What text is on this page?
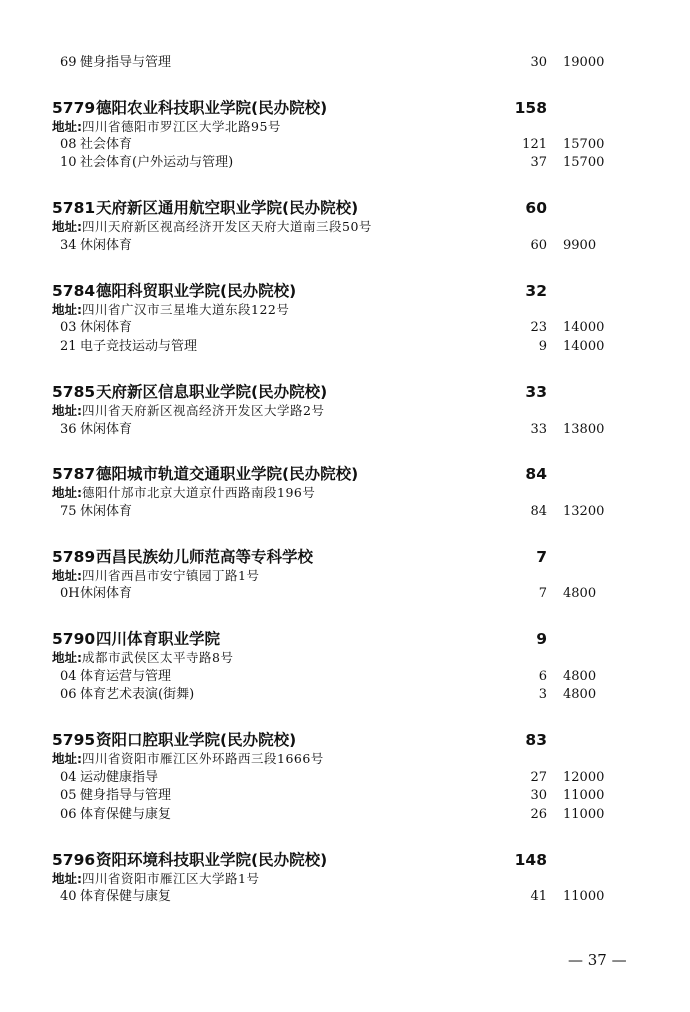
69 健身指导与管理	30 19000
5779 德阳农业科技职业学院(民办院校)	158
地址:四川省德阳市罗江区大学北路95号
08 社会体育	121 15700
10 社会体育(户外运动与管理)	37 15700
5781 天府新区通用航空职业学院(民办院校)	60
地址:四川天府新区视高经济开发区天府大道南三段50号
34 休闲体育	60 9900
5784 德阳科贸职业学院(民办院校)	32
地址:四川省广汉市三星堆大道东段122号
03 休闲体育	23 14000
21 电子竞技运动与管理	9 14000
5785 天府新区信息职业学院(民办院校)	33
地址:四川省天府新区视高经济开发区大学路2号
36 休闲体育	33 13800
5787 德阳城市轨道交通职业学院(民办院校)	84
地址:德阳什邡市北京大道京什西路南段196号
75 休闲体育	84 13200
5789 西昌民族幼儿师范高等专科学校	7
地址:四川省西昌市安宁镇园丁路1号
0H 休闲体育	7 4800
5790 四川体育职业学院	9
地址:成都市武侯区太平寺路8号
04 体育运营与管理	6 4800
06 体育艺术表演(街舞)	3 4800
5795 资阳口腔职业学院(民办院校)	83
地址:四川省资阳市雁江区外环路西三段1666号
04 运动健康指导	27 12000
05 健身指导与管理	30 11000
06 体育保健与康复	26 11000
5796 资阳环境科技职业学院(民办院校)	148
地址:四川省资阳市雁江区大学路1号
40 体育保健与康复	41 11000
— 37 —
